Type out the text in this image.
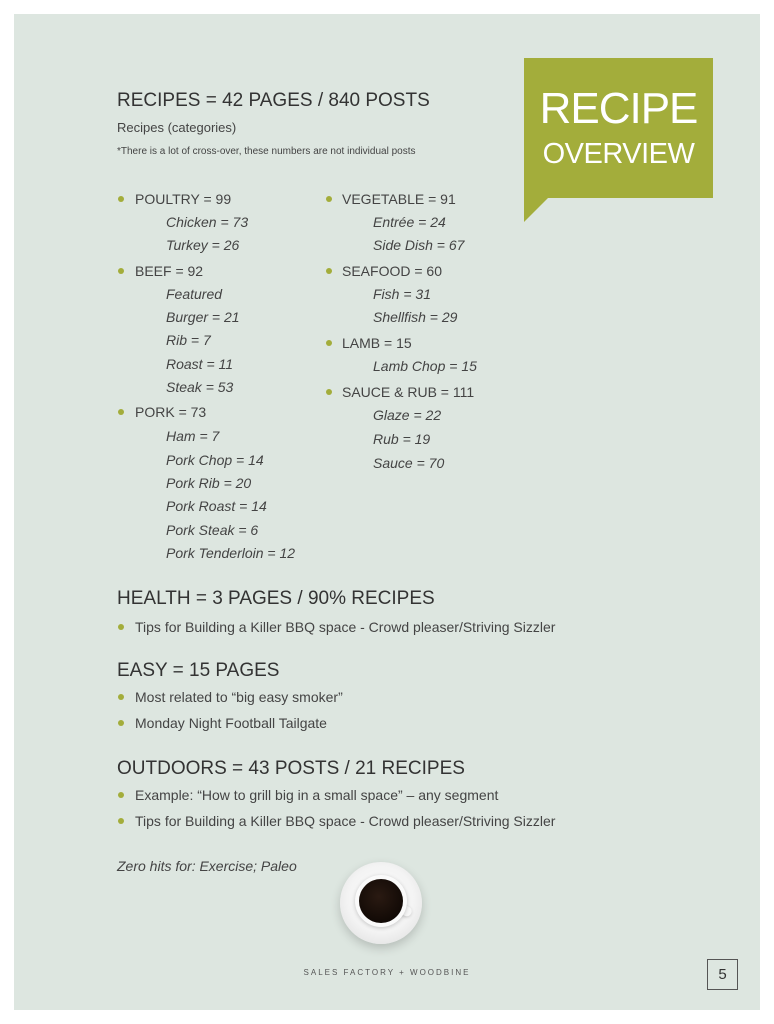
RECIPE
OVERVIEW
RECIPES = 42 PAGES / 840 POSTS
Recipes (categories)
*There is a lot of cross-over, these numbers are not individual posts
POULTRY = 99
Chicken = 73
Turkey = 26
BEEF = 92
Featured
Burger = 21
Rib = 7
Roast = 11
Steak = 53
PORK = 73
Ham = 7
Pork Chop = 14
Pork Rib = 20
Pork Roast = 14
Pork Steak = 6
Pork Tenderloin = 12
VEGETABLE = 91
Entrée = 24
Side Dish = 67
SEAFOOD = 60
Fish = 31
Shellfish = 29
LAMB = 15
Lamb Chop = 15
SAUCE & RUB = 111
Glaze = 22
Rub = 19
Sauce = 70
HEALTH = 3 PAGES / 90% RECIPES
Tips for Building a Killer BBQ space - Crowd pleaser/Striving Sizzler
EASY = 15 PAGES
Most related to “big easy smoker”
Monday Night Football Tailgate
OUTDOORS = 43 POSTS / 21 RECIPES
Example: “How to grill big in a small space” – any segment
Tips for Building a Killer BBQ space - Crowd pleaser/Striving Sizzler
Zero hits for: Exercise; Paleo
SALES FACTORY + WOODBINE	5
